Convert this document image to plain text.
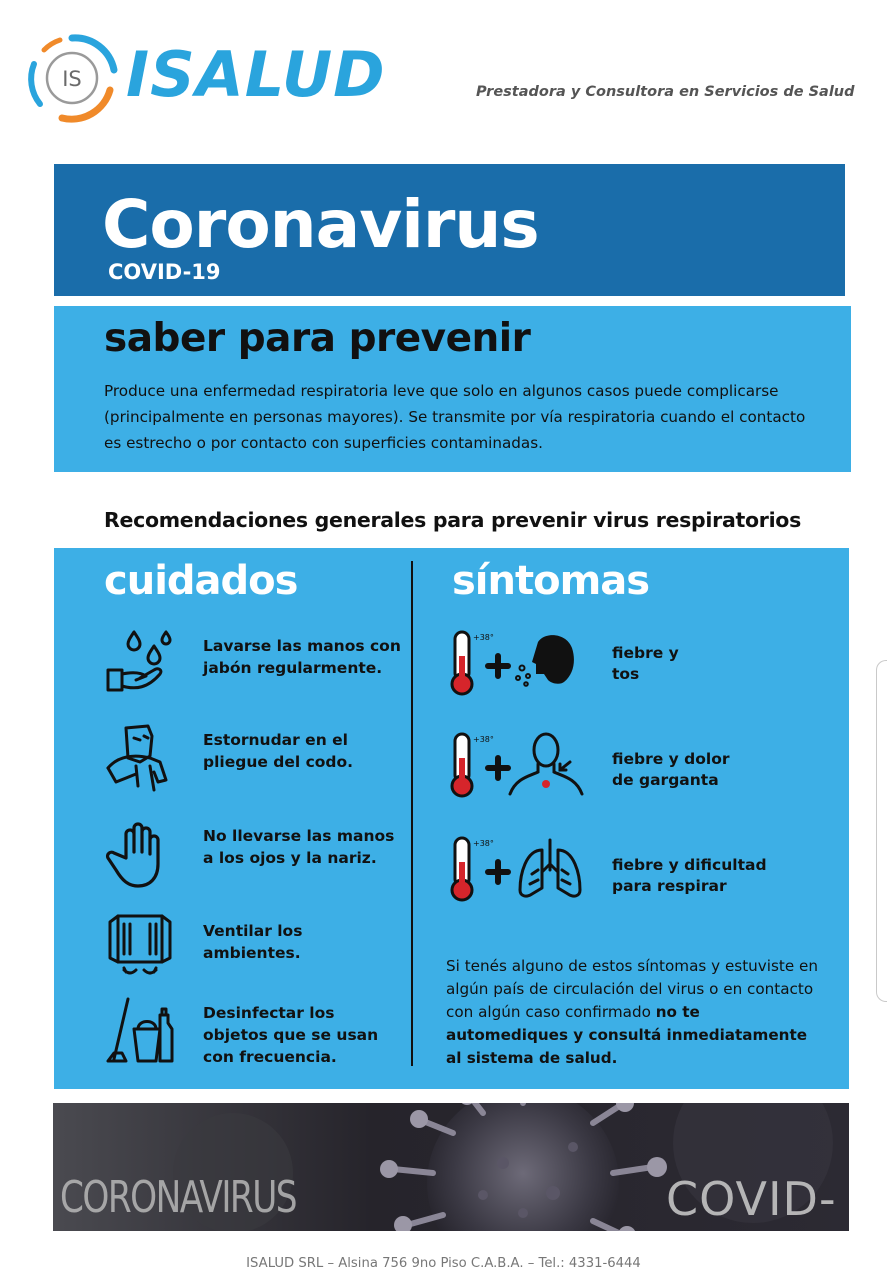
IS ISALUD	Prestadora y Consultora en Servicios de Salud
Coronavirus
COVID-19
saber para prevenir
Produce una enfermedad respiratoria leve que solo en algunos casos puede complicarse (principalmente en personas mayores). Se transmite por vía respiratoria cuando el contacto es estrecho o por contacto con superficies contaminadas.
Recomendaciones generales para prevenir virus respiratorios
cuidados	síntomas
Lavarse las manos con jabón regularmente.
Estornudar en el pliegue del codo.
No llevarse las manos a los ojos y la nariz.
Ventilar los ambientes.
Desinfectar los objetos que se usan con frecuencia.
+38°
+38°
+38°
fiebre y tos
fiebre y dolor de garganta
fiebre y dificultad para respirar
Si tenés alguno de estos síntomas y estuviste en algún país de circulación del virus o en contacto con algún caso confirmado no te automediques y consultá inmediatamente al sistema de salud.
CORONAVIRUS	COVID-
ISALUD SRL – Alsina 756 9no Piso C.A.B.A. – Tel.: 4331-6444
